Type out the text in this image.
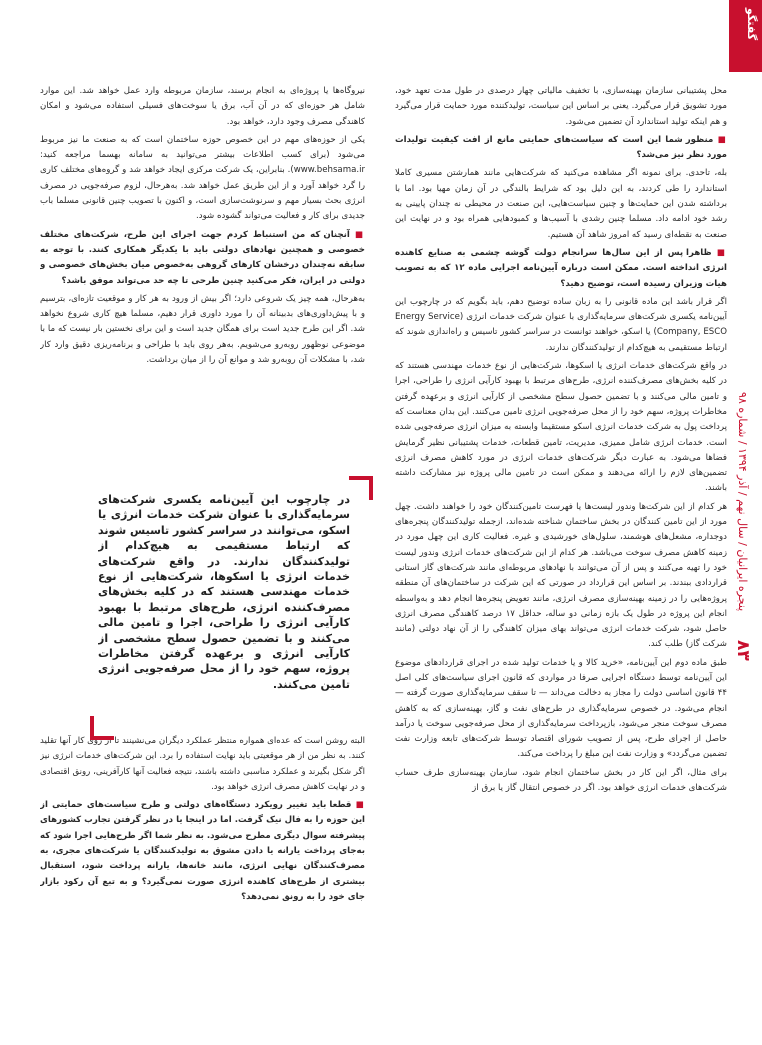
گفتگو
پنجره ایرانیان / سال نهم / آذر ۱۳۹۴ / شماره ۹۸
۸۳

محل پشتیبانی سازمان بهینه‌سازی، با تخفیف مالیاتی چهار درصدی در طول مدت تعهد خود، مورد تشویق قرار می‌گیرد. یعنی بر اساس این سیاست، تولیدکننده مورد حمایت قرار می‌گیرد و هم اینکه تولید استاندارد آن تضمین می‌شود.

■ منظور شما این است که سیاست‌های حمایتی مانع از افت کیفیت تولیدات مورد نظر نیز می‌شد؟

بله، تاحدی. برای نمونه اگر مشاهده می‌کنید که شرکت‌هایی مانند همارشتن مسیری کاملا استاندارد را طی کردند، به این دلیل بود که شرایط بالندگی در آن زمان مهیا بود. اما با برداشته شدن این حمایت‌ها و چنین سیاست‌هایی، این صنعت در محیطی نه چندان پایینی به رشد خود ادامه داد. مسلما چنین رشدی با آسیب‌ها و کمبودهایی همراه بود و در نهایت این صنعت به نقطه‌ای رسید که امروز شاهد آن هستیم.

■ ظاهرا پس از این سال‌ها سرانجام دولت گوشه چشمی به صنایع کاهنده انرژی انداخته است. ممکن است درباره آیین‌نامه اجرایی ماده ۱۲ که به تصویب هیات وزیران رسیده است، توضیح دهید؟

اگر قرار باشد این ماده قانونی را به زبان ساده توضیح دهم، باید بگویم که در چارچوب این آیین‌نامه یکسری شرکت‌های سرمایه‌گذاری با عنوان شرکت خدمات انرژی (Energy Service Company, ESCO) یا اسکو، خواهند توانست در سراسر کشور تاسیس و راه‌اندازی شوند که ارتباط مستقیمی به هیچ‌کدام از تولیدکنندگان ندارند.

در واقع شرکت‌های خدمات انرژی یا اسکوها، شرکت‌هایی از نوع خدمات مهندسی هستند که در کلیه بخش‌های مصرف‌کننده انرژی، طرح‌های مرتبط با بهبود کارآیی انرژی را طراحی، اجرا و تامین مالی می‌کنند و با تضمین حصول سطح مشخصی از کارآیی انرژی و برعهده گرفتن مخاطرات پروژه، سهم خود را از محل صرفه‌جویی انرژی تامین می‌کنند. این بدان معناست که پرداخت پول به شرکت خدمات انرژی اسکو مستقیما وابسته به میزان انرژی صرفه‌جویی شده است. خدمات انرژی شامل ممیزی، مدیریت، تامین قطعات، خدمات پشتیبانی نظیر گرمایش فضاها می‌شود. به عبارت دیگر شرکت‌های خدمات انرژی در مورد کاهش مصرف انرژی تضمین‌های لازم را ارائه می‌دهند و ممکن است در تامین مالی پروژه نیز مشارکت داشته باشند.

هر کدام از این شرکت‌ها وندور لیست‌ها یا فهرست تامین‌کنندگان خود را خواهند داشت. چهل مورد از این تامین کنندگان در بخش ساختمان شناخته شده‌اند، ازجمله تولیدکنندگان پنجره‌های دوجداره، مشعل‌های هوشمند، سلول‌های خورشیدی و غیره. فعالیت کاری این چهل مورد در زمینه کاهش مصرف سوخت می‌باشد. هر کدام از این شرکت‌های خدمات انرژی وندور لیست خود را تهیه می‌کنند و پس از آن می‌توانند با نهادهای مربوطه‌ای مانند شرکت‌های گاز استانی قراردادی ببندند. بر اساس این قرارداد در صورتی که این شرکت در ساختمان‌های آن منطقه پروژه‌هایی را در زمینه بهینه‌سازی مصرف انرژی، مانند تعویض پنجره‌ها انجام دهد و به‌واسطه انجام این پروژه در طول یک بازه زمانی دو ساله، حداقل ۱۷ درصد کاهندگی مصرف انرژی حاصل شود، شرکت خدمات انرژی می‌تواند بهای میزان کاهندگی را از آن نهاد دولتی (مانند شرکت گاز) طلب کند.

طبق ماده دوم این آیین‌نامه، «خرید کالا و یا خدمات تولید شده در اجرای قراردادهای موضوع این آیین‌نامه توسط دستگاه اجرایی صرفا در مواردی که قانون اجرای سیاست‌های کلی اصل ۴۴ قانون اساسی دولت را مجاز به دخالت می‌داند — تا سقف سرمایه‌گذاری صورت گرفته — انجام می‌شود. در خصوص سرمایه‌گذاری در طرح‌های نفت و گاز، بهینه‌سازی که به کاهش مصرف سوخت منجر می‌شود، بازپرداخت سرمایه‌گذاری از محل صرفه‌جویی سوخت یا درآمد حاصل از اجرای طرح، پس از تصویب شورای اقتصاد توسط شرکت‌های تابعه وزارت نفت تضمین می‌گردد» و وزارت نفت این مبلغ را پرداخت می‌کند.

برای مثال، اگر این کار در بخش ساختمان انجام شود، سازمان بهینه‌سازی طرف حساب شرکت‌های خدمات انرژی خواهد بود. اگر در خصوص انتقال گاز یا برق از

نیروگاه‌ها یا پروژه‌ای به انجام برسند، سازمان مربوطه وارد عمل خواهد شد. این موارد شامل هر حوزه‌ای که در آن آب، برق یا سوخت‌های فسیلی استفاده می‌شود و امکان کاهندگی مصرف وجود دارد، خواهد بود.

یکی از حوزه‌های مهم در این خصوص حوزه ساختمان است که به صنعت ما نیز مربوط می‌شود (برای کسب اطلاعات بیشتر می‌توانید به سامانه بهسما مراجعه کنید: www.behsama.ir). بنابراین، یک شرکت مرکزی ایجاد خواهد شد و گروه‌های مختلف کاری را گرد خواهد آورد و از این طریق عمل خواهد شد. به‌هرحال، لزوم صرفه‌جویی در مصرف انرژی بحث بسیار مهم و سرنوشت‌سازی است، و اکنون با تصویب چنین قانونی مسلما باب جدیدی برای کار و فعالیت می‌تواند گشوده شود.

■ آنچنان که من استنباط کردم جهت اجرای این طرح، شرکت‌های مختلف خصوصی و همچنین نهادهای دولتی باید با یکدیگر همکاری کنند. با توجه به سابقه نه‌چندان درخشان کارهای گروهی به‌خصوص میان بخش‌های خصوصی و دولتی در ایران، فکر می‌کنید چنین طرحی تا چه حد می‌تواند موفق باشد؟

به‌هرحال، همه چیز یک شروعی دارد؛ اگر بیش از ورود به هر کار و موقعیت تازه‌ای، بترسیم و با پیش‌داوری‌های بدبینانه آن را مورد داوری قرار دهیم، مسلما هیچ کاری شروع نخواهد شد. اگر این طرح جدید است برای همگان جدید است و این برای نخستین بار نیست که ما با موضوعی نوظهور روبه‌رو می‌شویم. به‌هر روی باید با طراحی و برنامه‌ریزی دقیق وارد کار شد، با مشکلات آن روبه‌رو شد و موانع آن را از میان برداشت.

البته روشن است که عده‌ای همواره منتظر عملکرد دیگران می‌نشینند تا از روی کار آنها تقلید کنند. به نظر من از هر موقعیتی باید نهایت استفاده را برد. این شرکت‌های خدمات انرژی نیز اگر شکل بگیرند و عملکرد مناسبی داشته باشند، نتیجه فعالیت آنها کارآفرینی، رونق اقتصادی و در نهایت کاهش مصرف انرژی خواهد بود.

■ قطعا باید تغییر رویکرد دستگاه‌های دولتی و طرح سیاست‌های حمایتی از این حوزه را به فال نیک گرفت. اما در اینجا یا در نظر گرفتن تجارب کشورهای پیشرفته سوال دیگری مطرح می‌شود. به نظر شما اگر طرح‌هایی اجرا شود که به‌جای پرداخت یارانه یا دادن مشوق به تولیدکنندگان یا شرکت‌های مجری، به مصرف‌کنندگان نهایی انرژی، مانند خانه‌ها، یارانه پرداخت شود، استقبال بیشتری از طرح‌های کاهنده انرژی صورت نمی‌گیرد؟ و به تبع آن رکود بازار جای خود را به رونق نمی‌دهد؟

در چارچوب این آیین‌نامه یکسری شرکت‌های سرمایه‌گذاری با عنوان شرکت خدمات انرژی یا اسکو، می‌توانند در سراسر کشور تاسیس شوند که ارتباط مستقیمی به هیچ‌کدام از تولیدکنندگان ندارند. در واقع شرکت‌های خدمات انرژی یا اسکوها، شرکت‌هایی از نوع خدمات مهندسی هستند که در کلیه بخش‌های مصرف‌کننده انرژی، طرح‌های مرتبط با بهبود کارآیی انرژی را طراحی، اجرا و تامین مالی می‌کنند و با تضمین حصول سطح مشخصی از کارآیی انرژی و برعهده گرفتن مخاطرات پروژه، سهم خود را از محل صرفه‌جویی انرژی تامین می‌کنند.
